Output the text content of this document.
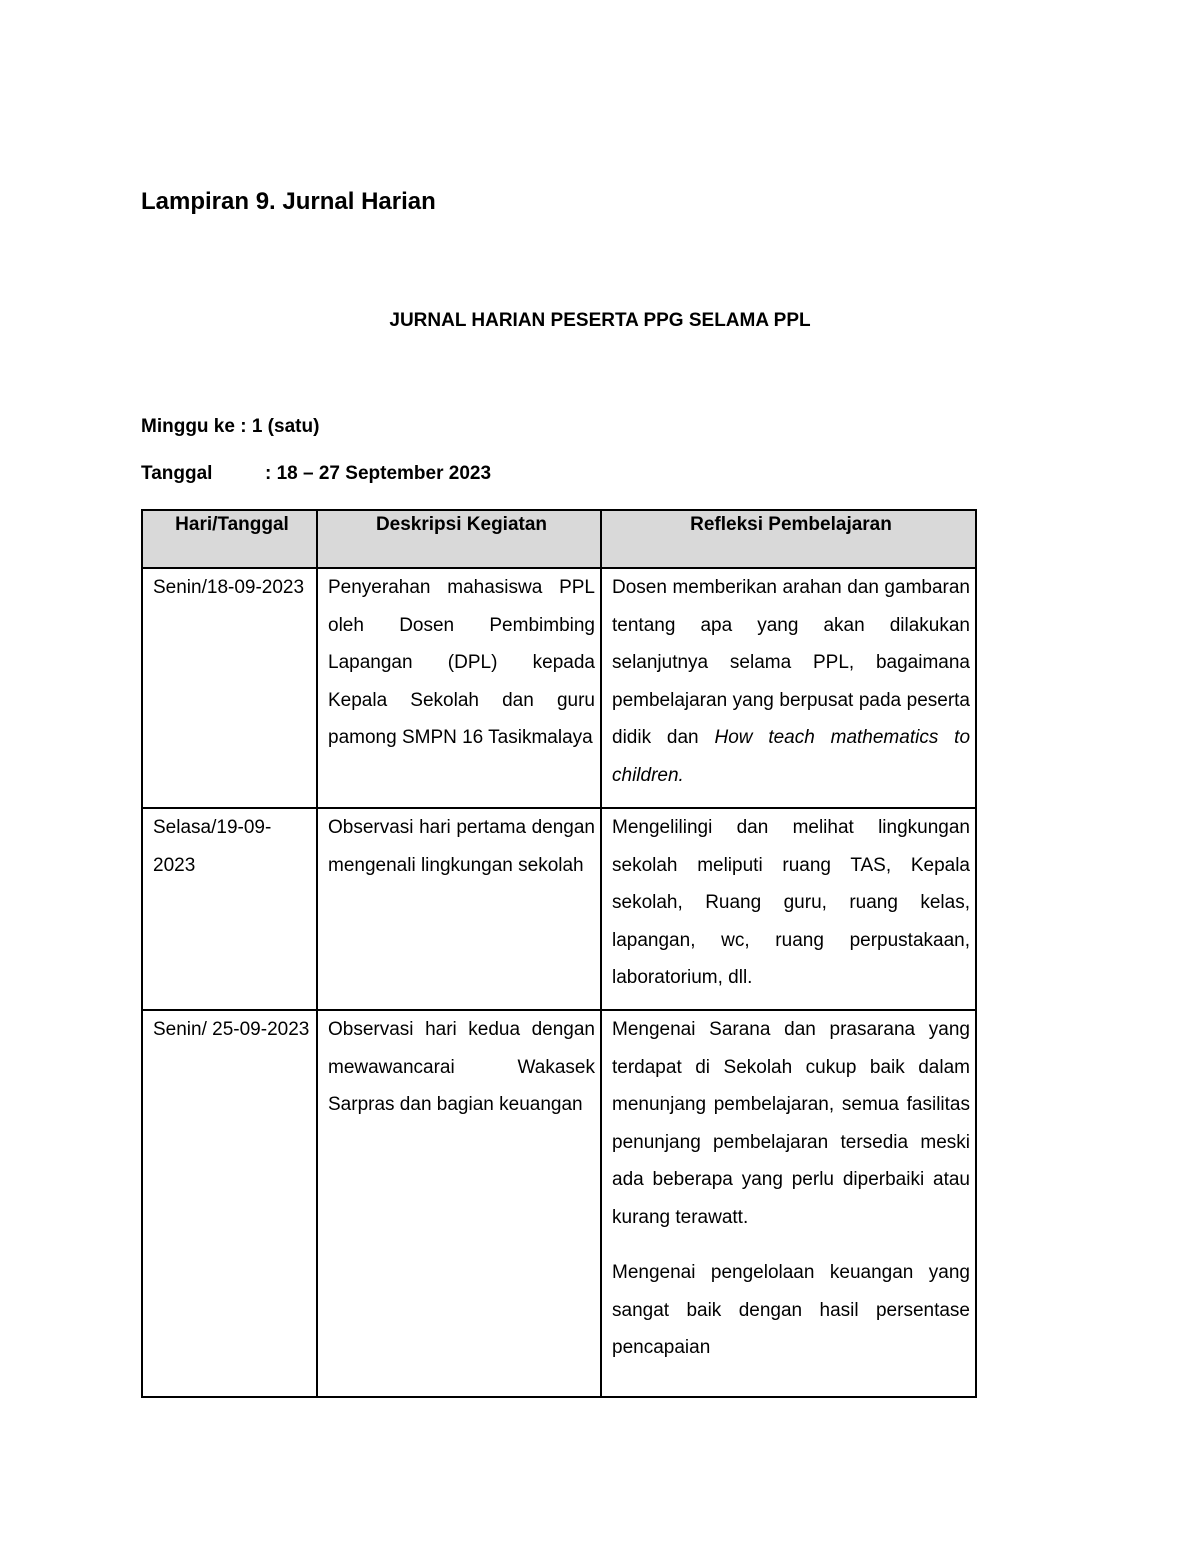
Lampiran 9. Jurnal Harian
JURNAL HARIAN PESERTA PPG SELAMA PPL
Minggu ke : 1 (satu)
Tanggal	: 18 – 27 September 2023
Hari/Tanggal	Deskripsi Kegiatan	Refleksi Pembelajaran

Senin/18-09-2023	Penyerahan mahasiswa PPL oleh Dosen Pembimbing Lapangan (DPL) kepada Kepala Sekolah dan guru pamong SMPN 16 Tasikmalaya	Dosen memberikan arahan dan gambaran tentang apa yang akan dilakukan selanjutnya selama PPL, bagaimana pembelajaran yang berpusat pada peserta didik dan How teach mathematics to children.

Selasa/19-09-2023	Observasi hari pertama dengan mengenali lingkungan sekolah	Mengelilingi dan melihat lingkungan sekolah meliputi ruang TAS, Kepala sekolah, Ruang guru, ruang kelas, lapangan, wc, ruang perpustakaan, laboratorium, dll.

Senin/ 25-09-2023	Observasi hari kedua dengan mewawancarai Wakasek Sarpras dan bagian keuangan	Mengenai Sarana dan prasarana yang terdapat di Sekolah cukup baik dalam menunjang pembelajaran, semua fasilitas penunjang pembelajaran tersedia meski ada beberapa yang perlu diperbaiki atau kurang terawatt.
Mengenai pengelolaan keuangan yang sangat baik dengan hasil persentase pencapaian
